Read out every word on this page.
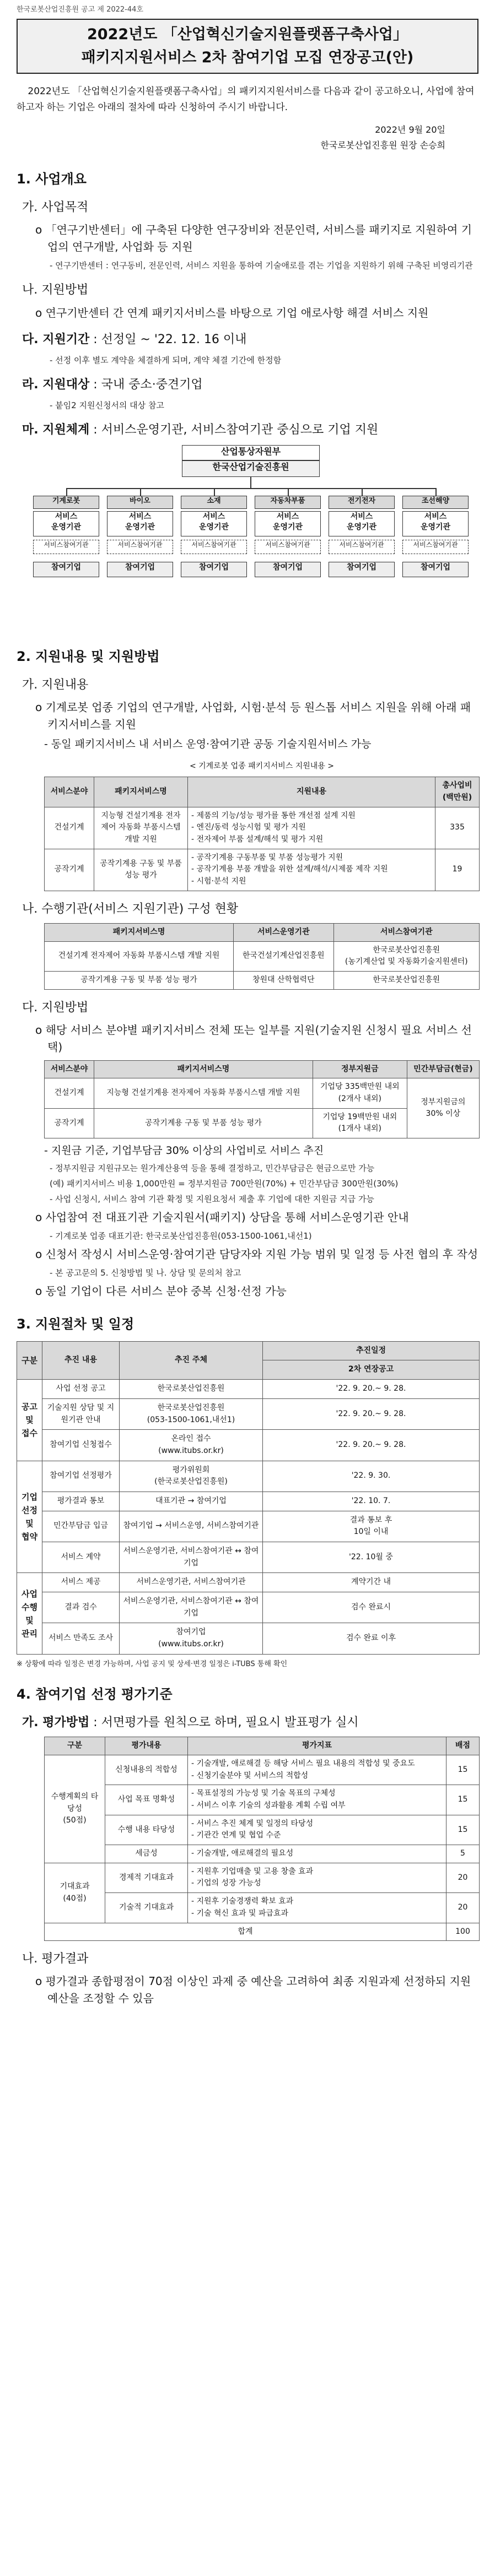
한국로봇산업진흥원 공고 제 2022-44호
2022년도 「산업혁신기술지원플랫폼구축사업」
패키지지원서비스 2차 참여기업 모집 연장공고(안)

2022년도 「산업혁신기술지원플랫폼구축사업」의 패키지지원서비스를 다음과 같이 공고하오니, 사업에 참여하고자 하는 기업은 아래의 절차에 따라 신청하여 주시기 바랍니다.

2022년 9월 20일
한국로봇산업진흥원 원장 손승희
1. 사업개요
가. 사업목적
o 「연구기반센터」에 구축된 다양한 연구장비와 전문인력, 서비스를 패키지로 지원하여 기업의 연구개발, 사업화 등 지원
- 연구기반센터 : 연구동비, 전문인력, 서비스 지원을 통하여 기술애로를 겪는 기업을 지원하기 위해 구축된 비영리기관
나. 지원방법
o 연구기반센터 간 연계 패키지서비스를 바탕으로 기업 애로사항 해결 서비스 지원
다. 지원기간 : 선정일 ~ '22. 12. 16 이내
- 선정 이후 별도 계약을 체결하게 되며, 계약 체결 기간에 한정함
라. 지원대상 : 국내 중소·중견기업
- 붙임2 지원신청서의 대상 참고
마. 지원체계 : 서비스운영기관, 서비스참여기관 중심으로 기업 지원
산업통상자원부
한국산업기술진흥원
기계로봇
서비스
운영기관
서비스참여기관
참여기업
바이오
서비스
운영기관
서비스참여기관
참여기업
소재
서비스
운영기관
서비스참여기관
참여기업
자동차부품
서비스
운영기관
서비스참여기관
참여기업
전기전자
서비스
운영기관
서비스참여기관
참여기업
조선해양
서비스
운영기관
서비스참여기관
참여기업
2. 지원내용 및 지원방법
가. 지원내용
o 기계로봇 업종 기업의 연구개발, 사업화, 시험·분석 등 원스톱 서비스 지원을 위해 아래 패키지서비스를 지원
- 동일 패키지서비스 내 서비스 운영·참여기관 공동 기술지원서비스 가능
< 기계로봇 업종 패키지서비스 지원내용 >
서비스분야	패키지서비스명	지원내용	총사업비(백만원)
건설기계	지능형 건설기계용 전자제어 자동화 부품시스템 개발 지원	- 제품의 기능/성능 평가를 통한 개선점 설계 지원
- 엔진/동력 성능시험 및 평가 지원
- 전자제어 부품 설계/해석 및 평가 지원	335
공작기계	공작기계용 구동 및 부품 성능 평가	- 공작기계용 구동부품 및 부품 성능평가 지원
- 공작기계용 부품 개발을 위한 설계/해석/시제품 제작 지원
- 시험·분석 지원	19
나. 수행기관(서비스 지원기관) 구성 현황
패키지서비스명	서비스운영기관	서비스참여기관
건설기계 전자제어 자동화 부품시스템 개발 지원	한국건설기계산업진흥원	한국로봇산업진흥원
(농기계산업 및 자동화기술지원센터)
공작기계용 구동 및 부품 성능 평가	창원대 산학협력단	한국로봇산업진흥원
다. 지원방법
o 해당 서비스 분야별 패키지서비스 전체 또는 일부를 지원(기술지원 신청시 필요 서비스 선택)
서비스분야	패키지서비스명	정부지원금	민간부담금(현금)
건설기계	지능형 건설기계용 전자제어 자동화 부품시스템 개발 지원	기업당 335백만원 내외
(2개사 내외)	정부지원금의
30% 이상
공작기계	공작기계용 구동 및 부품 성능 평가	기업당 19백만원 내외
(1개사 내외)	
- 지원금 기준, 기업부담금 30% 이상의 사업비로 서비스 추진
- 정부지원금 지원규모는 원가계산용역 등을 통해 결정하고, 민간부담금은 현금으로만 가능
(예) 패키지서비스 비용 1,000만원 = 정부지원금 700만원(70%) + 민간부담금 300만원(30%)
- 사업 신청시, 서비스 참여 기관 확정 및 지원요청서 제출 후 기업에 대한 지원금 지급 가능
o 사업참여 전 대표기관 기술지원서(패키지) 상담을 통해 서비스운영기관 안내
- 기계로봇 업종 대표기관: 한국로봇산업진흥원(053-1500-1061,내선1)
o 신청서 작성시 서비스운영·참여기관 담당자와 지원 가능 범위 및 일정 등 사전 협의 후 작성
- 본 공고문의 5. 신청방법 및 나. 상담 및 문의처 참고
o 동일 기업이 다른 서비스 분야 중복 신청·선정 가능
3. 지원절차 및 일정
구분	추진 내용	추진 주체	추진일정
			2차 연장공고
공고 및 접수	사업 선정 공고	한국로봇산업진흥원	'22. 9. 20.~ 9. 28.
	기술지원 상담 및 지원기관 안내	한국로봇산업진흥원
(053-1500-1061,내선1)	'22. 9. 20.~ 9. 28.
	참여기업 신청접수	온라인 접수
(www.itubs.or.kr)	'22. 9. 20.~ 9. 28.
기업 선정 및 협약	참여기업 선정평가	평가위원회
(한국로봇산업진흥원)	'22. 9. 30.
	평가결과 통보	대표기관 → 참여기업	'22. 10. 7.
	민간부담금 입금	참여기업 → 서비스운영, 서비스참여기관	결과 통보 후
10일 이내
	서비스 계약	서비스운영기관, 서비스참여기관 ↔ 참여기업	'22. 10월 중
사업수행 및 관리	서비스 제공	서비스운영기관, 서비스참여기관	계약기간 내
	결과 검수	서비스운영기관, 서비스참여기관 ↔ 참여기업	검수 완료시
	서비스 만족도 조사	참여기업
(www.itubs.or.kr)	검수 완료 이후
※ 상황에 따라 일정은 변경 가능하며, 사업 공지 및 상세·변경 일정은 i-TUBS 통해 확인
4. 참여기업 선정 평가기준
가. 평가방법 : 서면평가를 원칙으로 하며, 필요시 발표평가 실시
구분	평가내용	평가지표	배점
수행계획의 타당성
(50점)	신청내용의 적합성	- 기술개발, 애로해결 등 해당 서비스 필요 내용의 적합성 및 중요도
- 신청기술분야 및 서비스의 적합성	15
	사업 목표 명확성	- 목표설정의 가능성 및 기술 목표의 구체성
- 서비스 이후 기술의 성과활용 계획 수립 여부	15
	수행 내용 타당성	- 서비스 추진 체계 및 일정의 타당성
- 기관간 연계 및 협업 수준	15
	세금성	- 기술개발, 애로해결의 필요성	5
기대효과
(40점)	경제적 기대효과	- 지원후 기업매출 및 고용 창출 효과
- 기업의 성장 가능성	20
	기술적 기대효과	- 지원후 기술경쟁력 확보 효과
- 기술 혁신 효과 및 파급효과	20
합계			100
나. 평가결과
o 평가결과 종합평점이 70점 이상인 과제 중 예산을 고려하여 최종 지원과제 선정하되 지원예산을 조정할 수 있음
